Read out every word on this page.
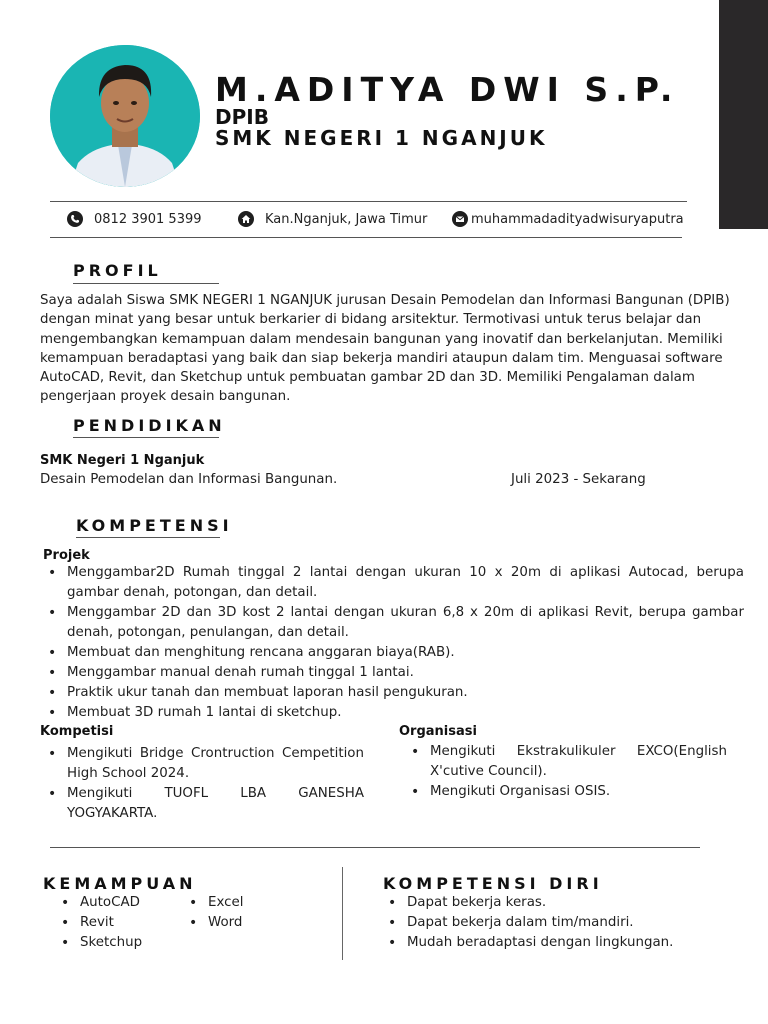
M.ADITYA DWI S.P.
DPIB
SMK NEGERI 1 NGANJUK
0812 3901 5399	Kan.Nganjuk, Jawa Timur	muhammadadityadwisuryaputra
PROFIL
Saya adalah Siswa SMK NEGERI 1 NGANJUK jurusan Desain Pemodelan dan Informasi Bangunan (DPIB) dengan minat yang besar untuk berkarier di bidang arsitektur. Termotivasi untuk terus belajar dan mengembangkan kemampuan dalam mendesain bangunan yang inovatif dan berkelanjutan. Memiliki kemampuan beradaptasi yang baik dan siap bekerja mandiri ataupun dalam tim. Menguasai software AutoCAD, Revit, dan Sketchup untuk pembuatan gambar 2D dan 3D. Memiliki Pengalaman dalam pengerjaan proyek desain bangunan.
PENDIDIKAN
SMK Negeri 1 Nganjuk
Desain Pemodelan dan Informasi Bangunan.	Juli 2023 - Sekarang
KOMPETENSI
Projek
• Menggambar2D Rumah tinggal 2 lantai dengan ukuran 10 x 20m di aplikasi Autocad, berupa gambar denah, potongan, dan detail.
• Menggambar 2D dan 3D kost 2 lantai dengan ukuran 6,8 x 20m di aplikasi Revit, berupa gambar denah, potongan, penulangan, dan detail.
• Membuat dan menghitung rencana anggaran biaya(RAB).
• Menggambar manual denah rumah tinggal 1 lantai.
• Praktik ukur tanah dan membuat laporan hasil pengukuran.
• Membuat 3D rumah 1 lantai di sketchup.
Kompetisi
• Mengikuti Bridge Crontruction Cempetition High School 2024.
• Mengikuti TUOFL LBA GANESHA YOGYAKARTA.
Organisasi
• Mengikuti Ekstrakulikuler EXCO(English X'cutive Council).
• Mengikuti Organisasi OSIS.
KEMAMPUAN
• AutoCAD
• Revit
• Sketchup
• Excel
• Word
KOMPETENSI DIRI
• Dapat bekerja keras.
• Dapat bekerja dalam tim/mandiri.
• Mudah beradaptasi dengan lingkungan.
